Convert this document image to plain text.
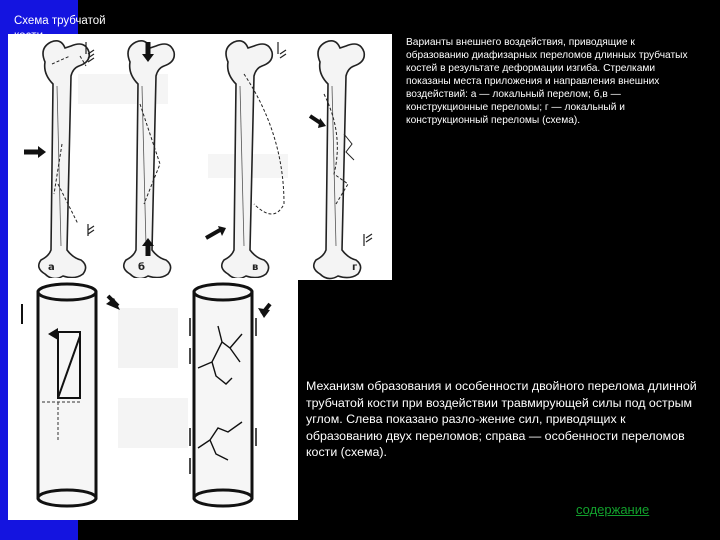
Схема трубчатой кости
а	б	в	г
Варианты внешнего воздействия, приводящие к образованию диафизарных переломов длинных трубчатых костей в результате деформации изгиба. Стрелками показаны места приложения и направления внешних воздействий: а — локальный перелом; б,в — конструкционные переломы; г — локальный и конструкционный переломы (схема).
Механизм образования и особенности двойного перелома длинной трубчатой кости при воздействии травмирующей силы под острым углом. Слева показано разло-жение сил, приводящих к образованию двух переломов; справа — особенности переломов кости (схема).
содержание
